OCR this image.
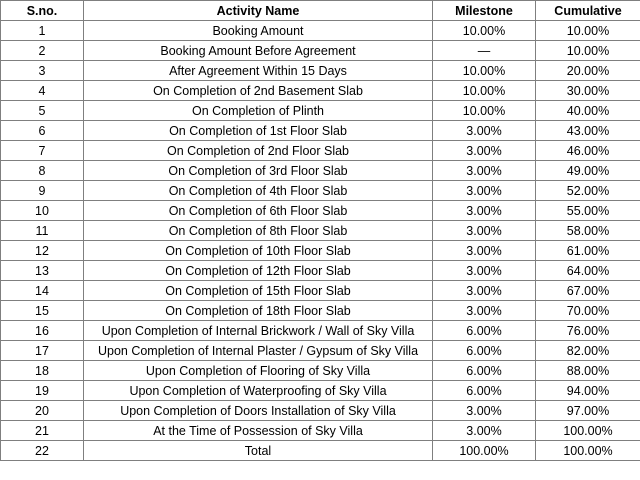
S.no.	Activity Name	Milestone	Cumulative
1	Booking Amount	10.00%	10.00%
2	Booking Amount Before Agreement	—	10.00%
3	After Agreement Within 15 Days	10.00%	20.00%
4	On Completion of 2nd Basement Slab	10.00%	30.00%
5	On Completion of Plinth	10.00%	40.00%
6	On Completion of 1st Floor Slab	3.00%	43.00%
7	On Completion of 2nd Floor Slab	3.00%	46.00%
8	On Completion of 3rd Floor Slab	3.00%	49.00%
9	On Completion of 4th Floor Slab	3.00%	52.00%
10	On Completion of 6th Floor Slab	3.00%	55.00%
11	On Completion of 8th Floor Slab	3.00%	58.00%
12	On Completion of 10th Floor Slab	3.00%	61.00%
13	On Completion of 12th Floor Slab	3.00%	64.00%
14	On Completion of 15th Floor Slab	3.00%	67.00%
15	On Completion of 18th Floor Slab	3.00%	70.00%
16	Upon Completion of Internal Brickwork / Wall of Sky Villa	6.00%	76.00%
17	Upon Completion of Internal Plaster / Gypsum of Sky Villa	6.00%	82.00%
18	Upon Completion of Flooring of Sky Villa	6.00%	88.00%
19	Upon Completion of Waterproofing of Sky Villa	6.00%	94.00%
20	Upon Completion of Doors Installation of Sky Villa	3.00%	97.00%
21	At the Time of Possession of Sky Villa	3.00%	100.00%
22	Total	100.00%	100.00%
